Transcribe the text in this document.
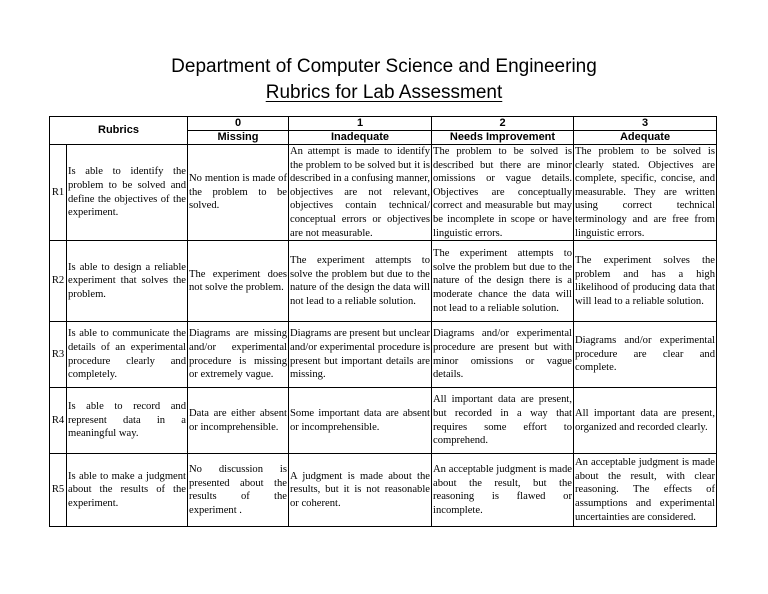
Department of Computer Science and Engineering
Rubrics for Lab Assessment
Rubrics		0	1	2	3
		Missing	Inadequate	Needs Improvement	Adequate
R1	Is able to identify the problem to be solved and define the objectives of the experiment.	No mention is made of the problem to be solved.	An attempt is made to identify the problem to be solved but it is described in a confusing manner, objectives are not relevant, objectives contain technical/ conceptual errors or objectives are not measurable.	The problem to be solved is described but there are minor omissions or vague details. Objectives are conceptually correct and measurable but may be incomplete in scope or have linguistic errors.	The problem to be solved is clearly stated. Objectives are complete, specific, concise, and measurable. They are written using correct technical terminology and are free from linguistic errors.
R2	Is able to design a reliable experiment that solves the problem.	The experiment does not solve the problem.	The experiment attempts to solve the problem but due to the nature of the design the data will not lead to a reliable solution.	The experiment attempts to solve the problem but due to the nature of the design there is a moderate chance the data will not lead to a reliable solution.	The experiment solves the problem and has a high likelihood of producing data that will lead to a reliable solution.
R3	Is able to communicate the details of an experimental procedure clearly and completely.	Diagrams are missing and/or experimental procedure is missing or extremely vague.	Diagrams are present but unclear and/or experimental procedure is present but important details are missing.	Diagrams and/or experimental procedure are present but with minor omissions or vague details.	Diagrams and/or experimental procedure are clear and complete.
R4	Is able to record and represent data in a meaningful way.	Data are either absent or incomprehensible.	Some important data are absent or incomprehensible.	All important data are present, but recorded in a way that requires some effort to comprehend.	All important data are present, organized and recorded clearly.
R5	Is able to make a judgment about the results of the experiment.	No discussion is presented about the results of the experiment .	A judgment is made about the results, but it is not reasonable or coherent.	An acceptable judgment is made about the result, but the reasoning is flawed or incomplete.	An acceptable judgment is made about the result, with clear reasoning. The effects of assumptions and experimental uncertainties are considered.
